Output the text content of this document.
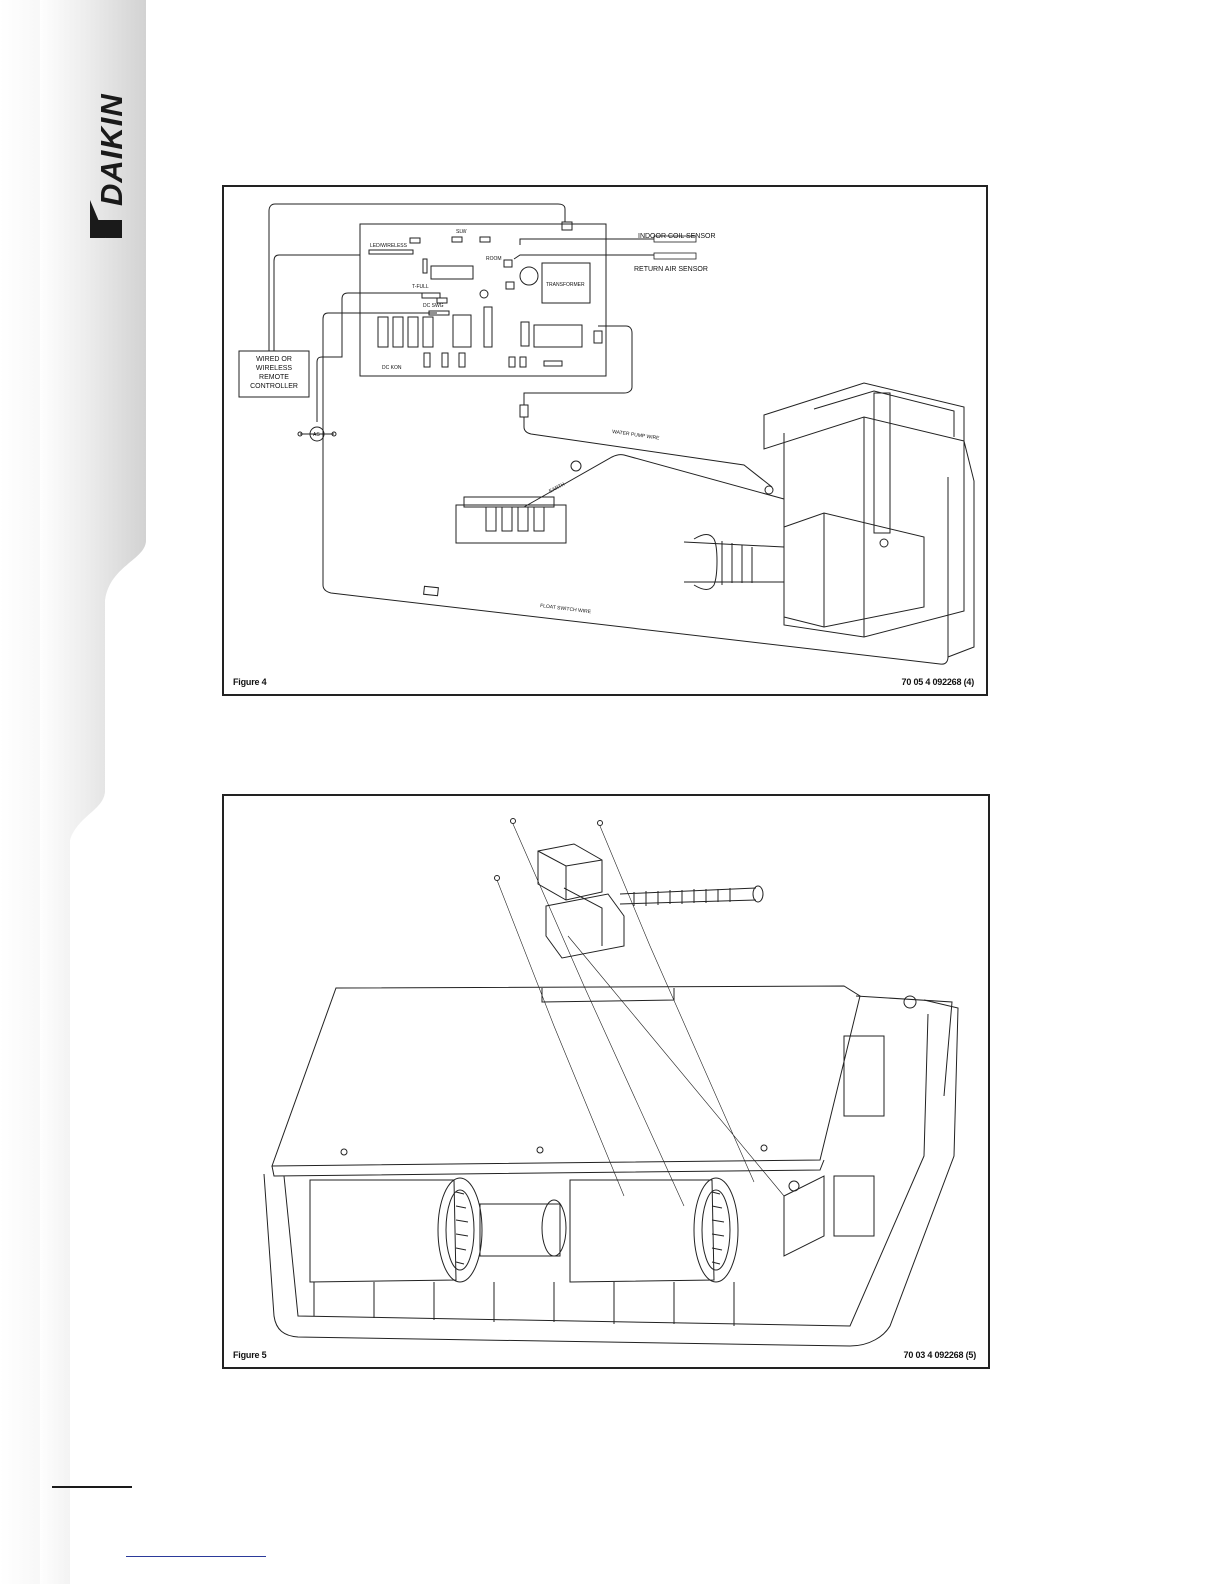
DAIKIN
LED/WIRELESS
SLW
ROOM
TRANSFORMER
T-FULL
DC SWG
DC KON
INDOOR COIL SENSOR
RETURN AIR SENSOR
WIRED OR
WIRELESS
REMOTE
CONTROLLER
AS	WATER PUMP WIRE
EARTH
FLOAT SWITCH WIRE
Figure 4	70 05 4 092268 (4)
Figure 5	70 03 4 092268 (5)
